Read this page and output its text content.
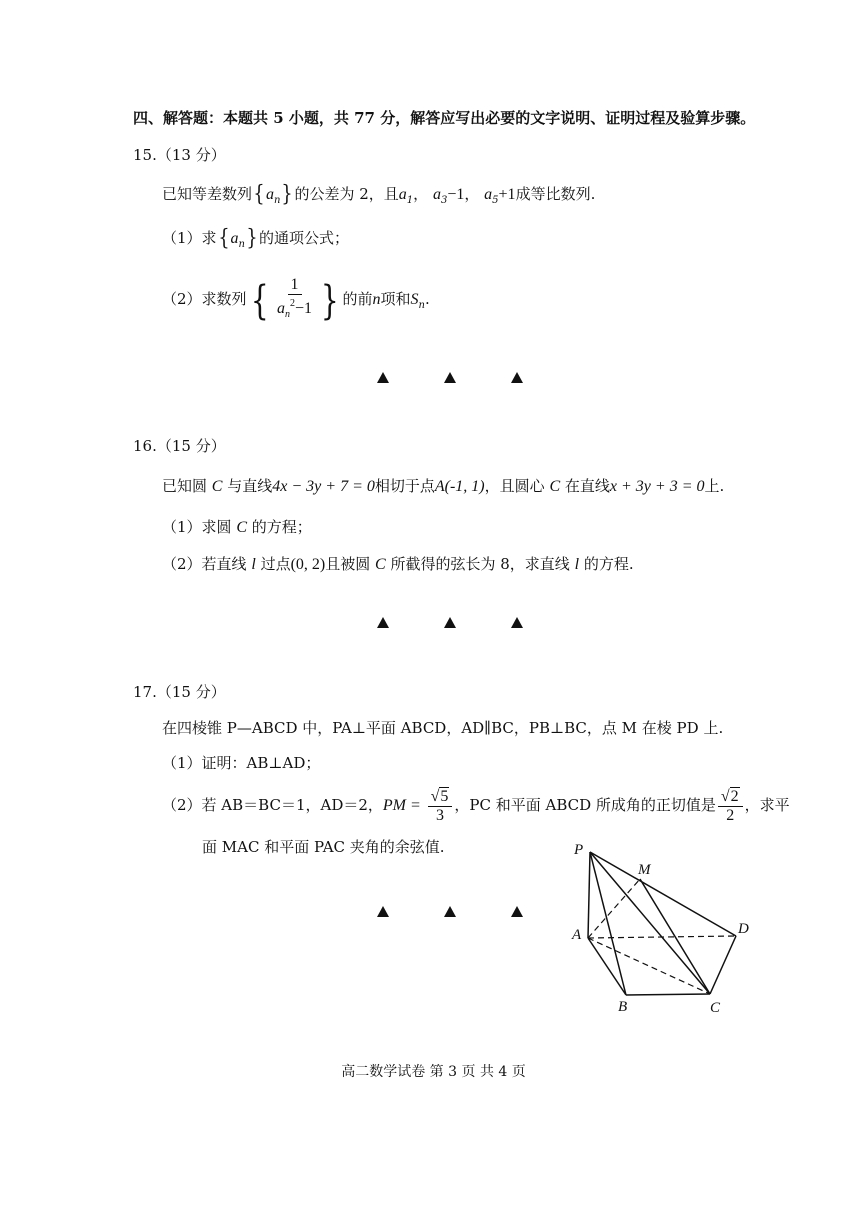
四、解答题：本题共 5 小题，共 77 分，解答应写出必要的文字说明、证明过程及验算步骤。
15.（13 分）
已知等差数列$\{a_n\}$的公差为 2，且$a_1$， $a_3-1$， $a_5+1$成等比数列.
（1）求$\{a_n\}$的通项公式；
（2）求数列{ $\frac{1}{a_n^2-1}$ } 的前n项和$S_n$.
16.（15 分）
已知圆 C 与直线4x − 3y + 7 = 0相切于点A(-1, 1)，且圆心 C 在直线x + 3y + 3 = 0上.
（1）求圆 C 的方程；
（2）若直线 l 过点(0, 2)且被圆 C 所截得的弦长为 8，求直线 l 的方程.
17.（15 分）
在四棱锥 P—ABCD 中，PA⊥平面 ABCD，AD∥BC，PB⊥BC，点 M 在棱 PD 上.
（1）证明：AB⊥AD；
（2）若 AB＝BC＝1，AD＝2，PM = $\frac{√5}{3}$ ，PC 和平面 ABCD 所成角的正切值是 $\frac{√2}{2}$ ，求平
面 MAC 和平面 PAC 夹角的余弦值.	P
M
A	D
B	C
高二数学试卷 第 3 页 共 4 页
